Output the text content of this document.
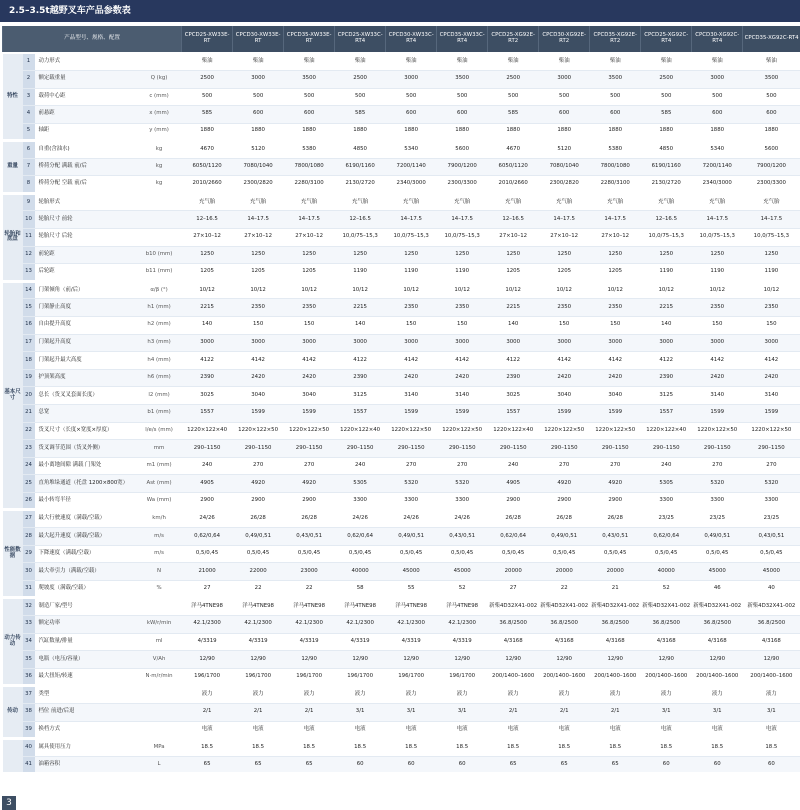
2.5–3.5t越野叉车产品参数表
产品型号、规格、配置				CPCD25-XW33E-RT	CPCD30-XW33E-RT	CPCD35-XW33E-RT	CPCD25-XW33C-RT4	CPCD30-XW33C-RT4	CPCD35-XW33C-RT4	CPCD25-XG92E-RT2	CPCD30-XG92E-RT2	CPCD35-XG92E-RT2	CPCD25-XG92C-RT4	CPCD30-XG92C-RT4	CPCD35-XG92C-RT4
特性	1	动力形式		柴油	柴油	柴油	柴油	柴油	柴油	柴油	柴油	柴油	柴油	柴油	柴油
	2	额定载重量	Q (kg)	2500	3000	3500	2500	3000	3500	2500	3000	3500	2500	3000	3500
	3	载荷中心距	c (mm)	500	500	500	500	500	500	500	500	500	500	500	500
	4	前悬距	x (mm)	585	600	600	585	600	600	585	600	600	585	600	600
	5	轴距	y (mm)	1880	1880	1880	1880	1880	1880	1880	1880	1880	1880	1880	1880
重量	6	自重(含油水)	kg	4670	5120	5380	4850	5340	5600	4670	5120	5380	4850	5340	5600
	7	桥荷分配 满载 前/后	kg	6050/1120	7080/1040	7800/1080	6190/1160	7200/1140	7900/1200	6050/1120	7080/1040	7800/1080	6190/1160	7200/1140	7900/1200
	8	桥荷分配 空载 前/后	kg	2010/2660	2300/2820	2280/3100	2130/2720	2340/3000	2300/3300	2010/2660	2300/2820	2280/3100	2130/2720	2340/3000	2300/3300
轮胎和底盘	9	轮胎形式		充气胎	充气胎	充气胎	充气胎	充气胎	充气胎	充气胎	充气胎	充气胎	充气胎	充气胎	充气胎
	10	轮胎尺寸 前轮		12–16.5	14–17.5	14–17.5	12–16.5	14–17.5	14–17.5	12–16.5	14–17.5	14–17.5	12–16.5	14–17.5	14–17.5
	11	轮胎尺寸 后轮		27×10–12	27×10–12	27×10–12	10,0/75–15,3	10,0/75–15,3	10,0/75–15,3	27×10–12	27×10–12	27×10–12	10,0/75–15,3	10,0/75–15,3	10,0/75–15,3
	12	前轮距	b10 (mm)	1250	1250	1250	1250	1250	1250	1250	1250	1250	1250	1250	1250
	13	后轮距	b11 (mm)	1205	1205	1205	1190	1190	1190	1205	1205	1205	1190	1190	1190
基本尺寸	14	门架倾角（前/后）	α/β (°)	10/12	10/12	10/12	10/12	10/12	10/12	10/12	10/12	10/12	10/12	10/12	10/12
	15	门架静止高度	h1 (mm)	2215	2350	2350	2215	2350	2350	2215	2350	2350	2215	2350	2350
	16	自由提升高度	h2 (mm)	140	150	150	140	150	150	140	150	150	140	150	150
	17	门架起升高度	h3 (mm)	3000	3000	3000	3000	3000	3000	3000	3000	3000	3000	3000	3000
	18	门架起升最大高度	h4 (mm)	4122	4142	4142	4122	4142	4142	4122	4142	4142	4122	4142	4142
	19	护顶架高度	h6 (mm)	2390	2420	2420	2390	2420	2420	2390	2420	2420	2390	2420	2420
	20	总长（货叉叉套面长度）	l2 (mm)	3025	3040	3040	3125	3140	3140	3025	3040	3040	3125	3140	3140
	21	总宽	b1 (mm)	1557	1599	1599	1557	1599	1599	1557	1599	1599	1557	1599	1599
	22	货叉尺寸（长度×宽度×厚度）	l/e/s (mm)	1220×122×40	1220×122×50	1220×122×50	1220×122×40	1220×122×50	1220×122×50	1220×122×40	1220×122×50	1220×122×50	1220×122×40	1220×122×50	1220×122×50
	23	货叉调节范围（货叉外侧）	mm	290–1150	290–1150	290–1150	290–1150	290–1150	290–1150	290–1150	290–1150	290–1150	290–1150	290–1150	290–1150
	24	最小离地间隙 满载 门架处	m1 (mm)	240	270	270	240	270	270	240	270	270	240	270	270
	25	直角堆垛通道（托盘 1200×800宽）	Ast (mm)	4905	4920	4920	5305	5320	5320	4905	4920	4920	5305	5320	5320
	26	最小转弯半径	Wa (mm)	2900	2900	2900	3300	3300	3300	2900	2900	2900	3300	3300	3300
性能数据	27	最大行驶速度（满载/空载）	km/h	24/26	26/28	26/28	24/26	24/26	24/26	26/28	26/28	26/28	23/25	23/25	23/25
	28	最大起升速度（满载/空载）	m/s	0,62/0,64	0,49/0,51	0,43/0,51	0,62/0,64	0,49/0,51	0,43/0,51	0,62/0,64	0,49/0,51	0,43/0,51	0,62/0,64	0,49/0,51	0,43/0,51
	29	下降速度（满载/空载）	m/s	0,5/0,45	0,5/0,45	0,5/0,45	0,5/0,45	0,5/0,45	0,5/0,45	0,5/0,45	0,5/0,45	0,5/0,45	0,5/0,45	0,5/0,45	0,5/0,45
	30	最大牵引力（满载/空载）	N	21000	22000	23000	40000	45000	45000	20000	20000	20000	40000	45000	45000
	31	爬坡度（满载/空载）	%	27	22	22	58	55	52	27	22	21	52	46	40
动力传动	32	制造厂家/型号		洋马4TNE98	洋马4TNE98	洋马4TNE98	洋马4TNE98	洋马4TNE98	洋马4TNE98	新柴4D32X41-002	新柴4D32X41-002	新柴4D32X41-002	新柴4D32X41-002	新柴4D32X41-002	新柴4D32X41-002
	33	额定功率	kW/r/min	42.1/2300	42.1/2300	42.1/2300	42.1/2300	42.1/2300	42.1/2300	36.8/2500	36.8/2500	36.8/2500	36.8/2500	36.8/2500	36.8/2500
	34	汽缸数量/排量	ml	4/3319	4/3319	4/3319	4/3319	4/3319	4/3319	4/3168	4/3168	4/3168	4/3168	4/3168	4/3168
	35	电瓶（电压/容量）	V/Ah	12/90	12/90	12/90	12/90	12/90	12/90	12/90	12/90	12/90	12/90	12/90	12/90
	36	最大扭矩/转速	N·m/r/min	196/1700	196/1700	196/1700	196/1700	196/1700	196/1700	200/1400–1600	200/1400–1600	200/1400–1600	200/1400–1600	200/1400–1600	200/1400–1600
传动	37	类型		液力	液力	液力	液力	液力	液力	液力	液力	液力	液力	液力	液力
	38	档位 前进/后退		2/1	2/1	2/1	3/1	3/1	3/1	2/1	2/1	2/1	3/1	3/1	3/1
	39	换档方式		电液	电液	电液	电液	电液	电液	电液	电液	电液	电液	电液	电液
	40	属具使用压力	MPa	18.5	18.5	18.5	18.5	18.5	18.5	18.5	18.5	18.5	18.5	18.5	18.5
	41	油箱容积	L	65	65	65	60	60	60	65	65	65	60	60	60
3
